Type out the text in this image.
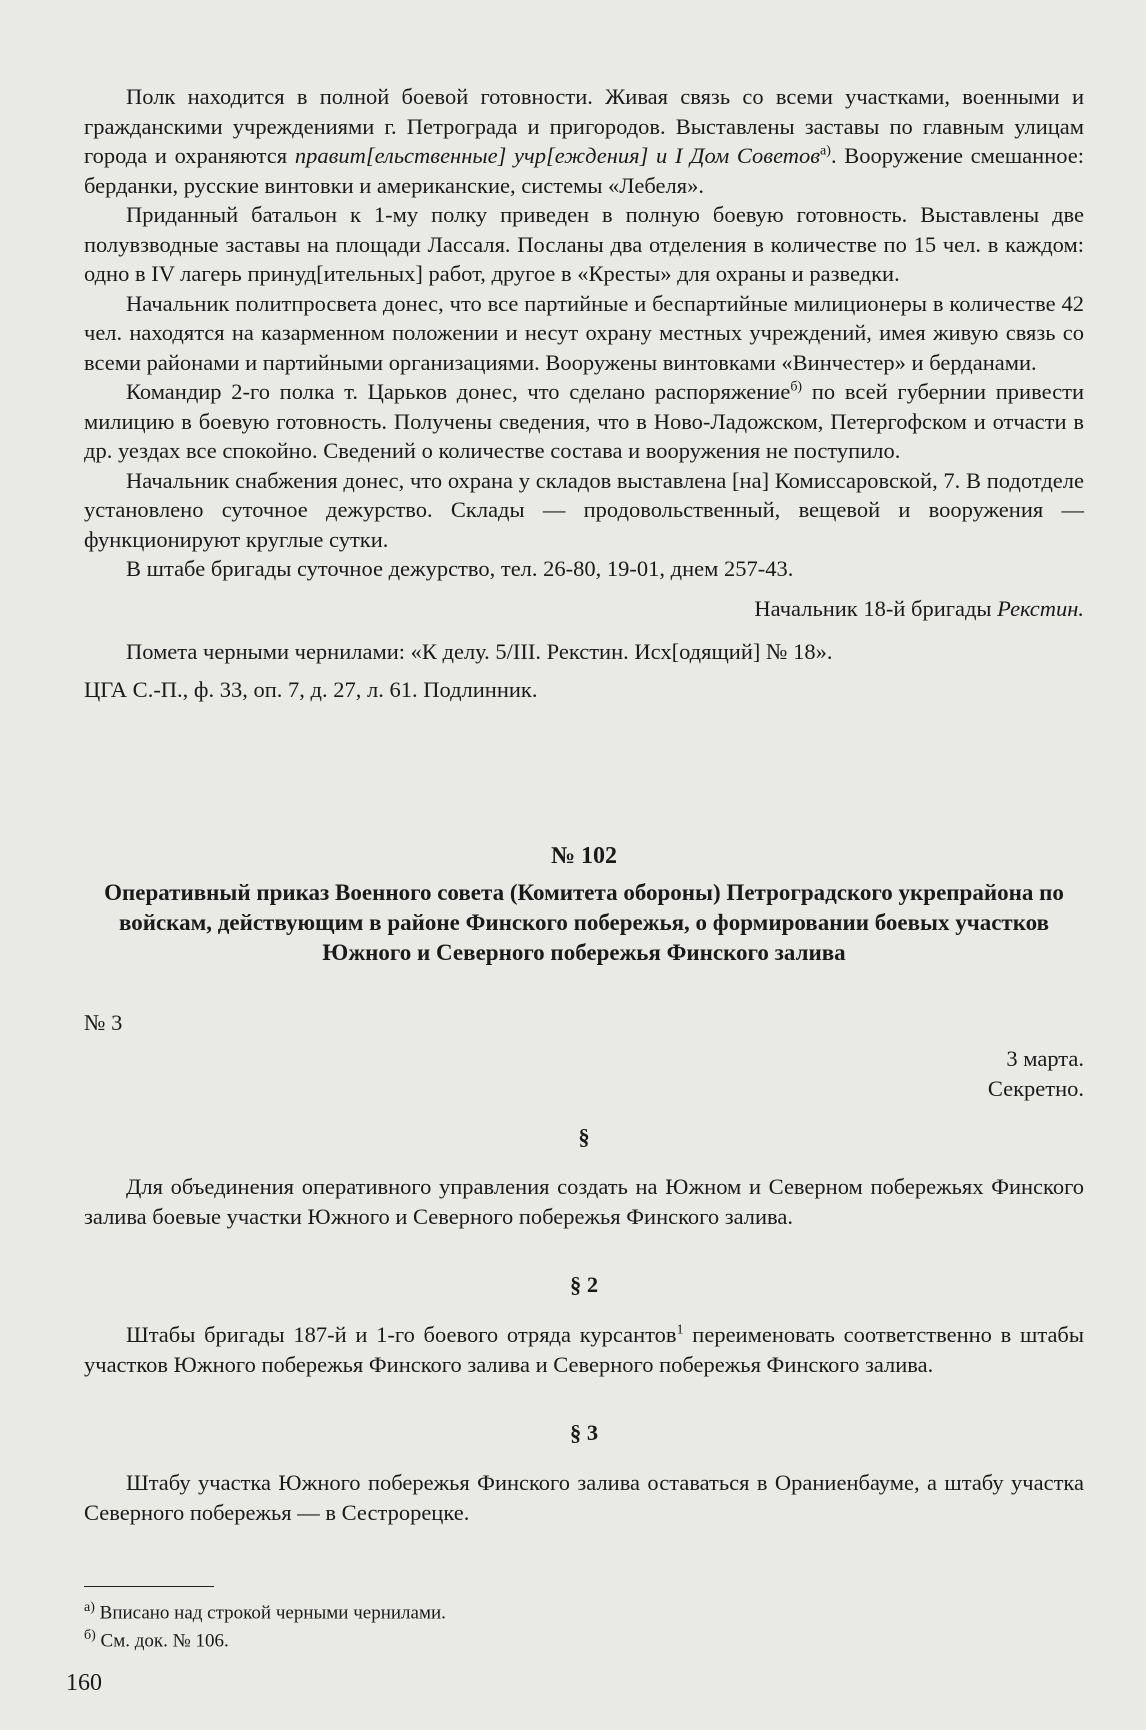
Полк находится в полной боевой готовности. Живая связь со всеми участками, военными и гражданскими учреждениями г. Петрограда и пригородов. Выставлены заставы по главным улицам города и охраняются правит[ельственные] учр[еждения] и I Дом Советов$^{а)}$. Вооружение смешанное: берданки, русские винтовки и американские, системы «Лебеля».

Приданный батальон к 1-му полку приведен в полную боевую готовность. Выставлены две полувзводные заставы на площади Лассаля. Посланы два отделения в количестве по 15 чел. в каждом: одно в IV лагерь принуд[ительных] работ, другое в «Кресты» для охраны и разведки.

Начальник политпросвета донес, что все партийные и беспартийные милиционеры в количестве 42 чел. находятся на казарменном положении и несут охрану местных учреждений, имея живую связь со всеми районами и партийными организациями. Вооружены винтовками «Винчестер» и берданами.

Командир 2-го полка т. Царьков донес, что сделано распоряжение$^{б)}$ по всей губернии привести милицию в боевую готовность. Получены сведения, что в Ново-Ладожском, Петергофском и отчасти в др. уездах все спокойно. Сведений о количестве состава и вооружения не поступило.

Начальник снабжения донес, что охрана у складов выставлена [на] Комиссаровской, 7. В подотделе установлено суточное дежурство. Склады — продовольственный, вещевой и вооружения — функционируют круглые сутки.

В штабе бригады суточное дежурство, тел. 26-80, 19-01, днем 257-43.

Начальник 18-й бригады Рекстин.

Помета черными чернилами: «К делу. 5/III. Рекстин. Исх[одящий] № 18».

ЦГА С.-П., ф. 33, оп. 7, д. 27, л. 61. Подлинник.

№ 102
Оперативный приказ Военного совета (Комитета обороны) Петроградского укрепрайона по войскам, действующим в районе Финского побережья, о формировании боевых участков Южного и Северного побережья Финского залива
№ 3
3 марта.
Секретно.
§

Для объединения оперативного управления создать на Южном и Северном побережьях Финского залива боевые участки Южного и Северного побережья Финского залива.

§ 2

Штабы бригады 187-й и 1-го боевого отряда курсантов$^1$ переименовать соответственно в штабы участков Южного побережья Финского залива и Северного побережья Финского залива.

§ 3

Штабу участка Южного побережья Финского залива оставаться в Ораниенбауме, а штабу участка Северного побережья — в Сестрорецке.

$^{а)}$ Вписано над строкой черными чернилами.
$^{б)}$ См. док. № 106.
160
